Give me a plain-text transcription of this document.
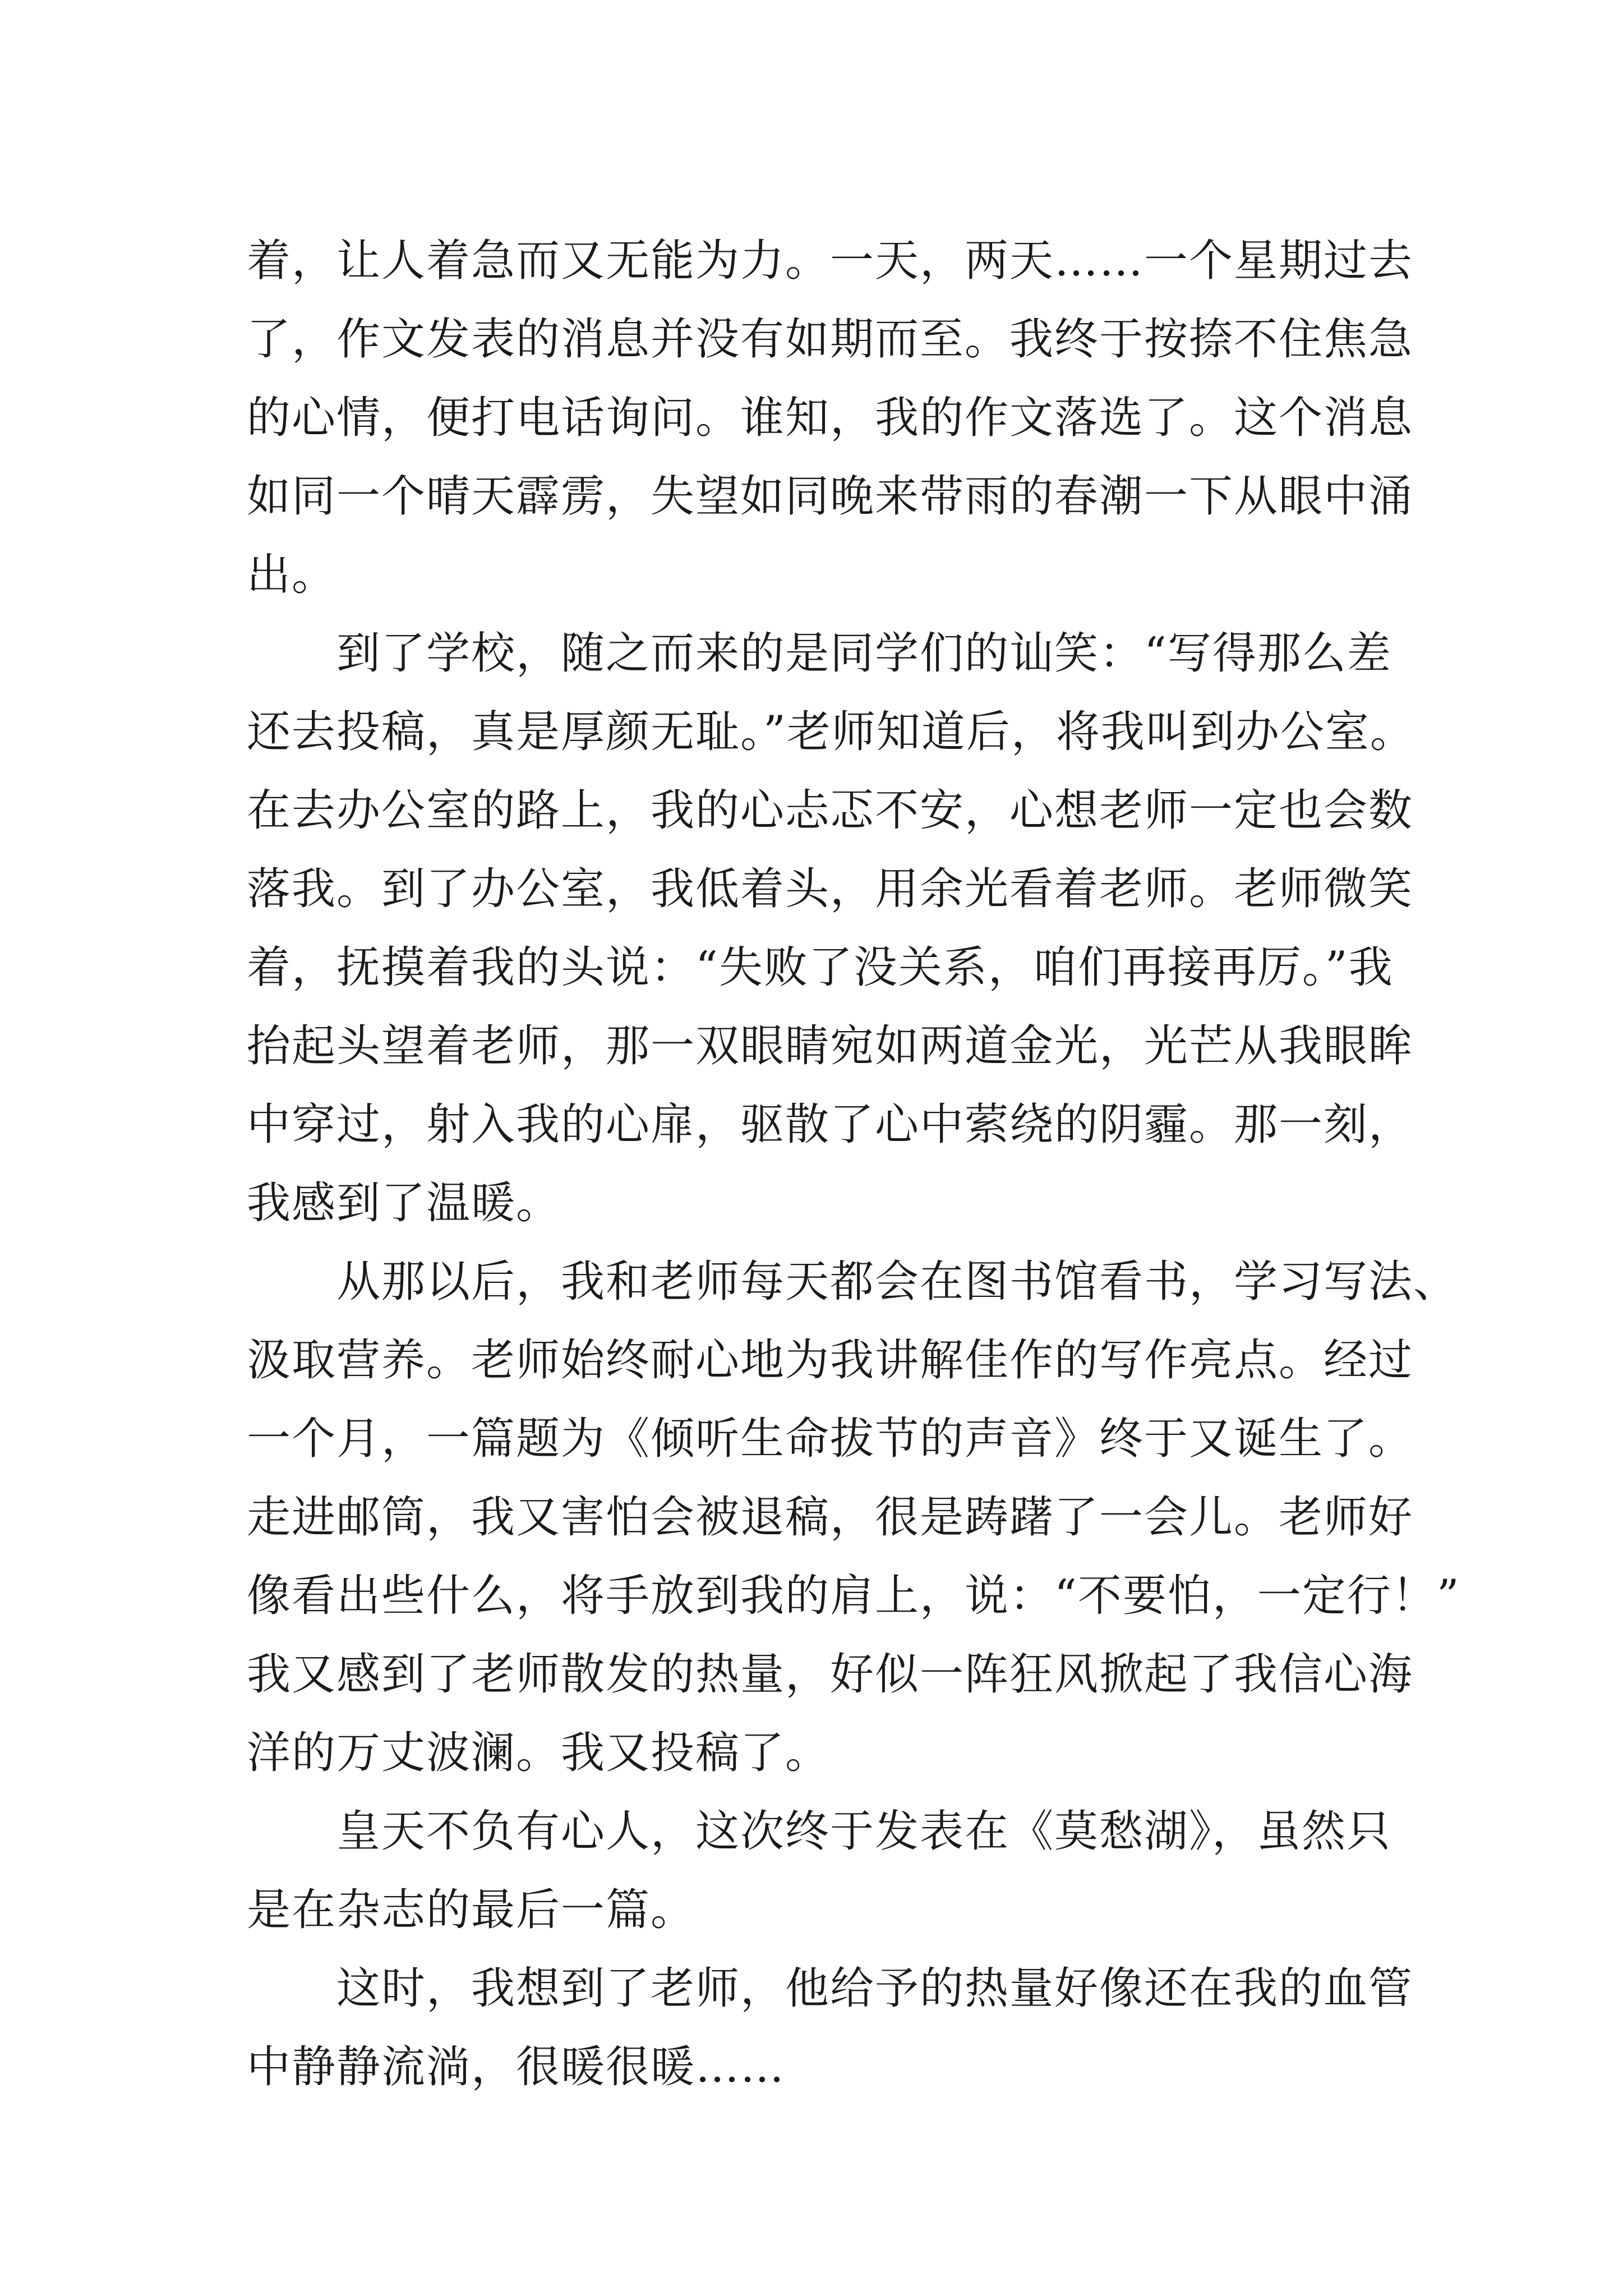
着，让人着急而又无能为力。一天，两天……一个星期过去
了，作文发表的消息并没有如期而至。我终于按捺不住焦急
的心情，便打电话询问。谁知，我的作文落选了。这个消息
如同一个晴天霹雳，失望如同晚来带雨的春潮一下从眼中涌
出。
到了学校，随之而来的是同学们的讪笑：“写得那么差
还去投稿，真是厚颜无耻。”老师知道后，将我叫到办公室。
在去办公室的路上，我的心忐忑不安，心想老师一定也会数
落我。到了办公室，我低着头，用余光看着老师。老师微笑
着，抚摸着我的头说：“失败了没关系，咱们再接再厉。”我
抬起头望着老师，那一双眼睛宛如两道金光，光芒从我眼眸
中穿过，射入我的心扉，驱散了心中萦绕的阴霾。那一刻，
我感到了温暖。
从那以后，我和老师每天都会在图书馆看书，学习写法、
汲取营养。老师始终耐心地为我讲解佳作的写作亮点。经过
一个月，一篇题为《倾听生命拔节的声音》终于又诞生了。
走进邮筒，我又害怕会被退稿，很是踌躇了一会儿。老师好
像看出些什么，将手放到我的肩上，说：“不要怕，一定行！”
我又感到了老师散发的热量，好似一阵狂风掀起了我信心海
洋的万丈波澜。我又投稿了。
皇天不负有心人，这次终于发表在《莫愁湖》，虽然只
是在杂志的最后一篇。
这时，我想到了老师，他给予的热量好像还在我的血管
中静静流淌，很暖很暖……
